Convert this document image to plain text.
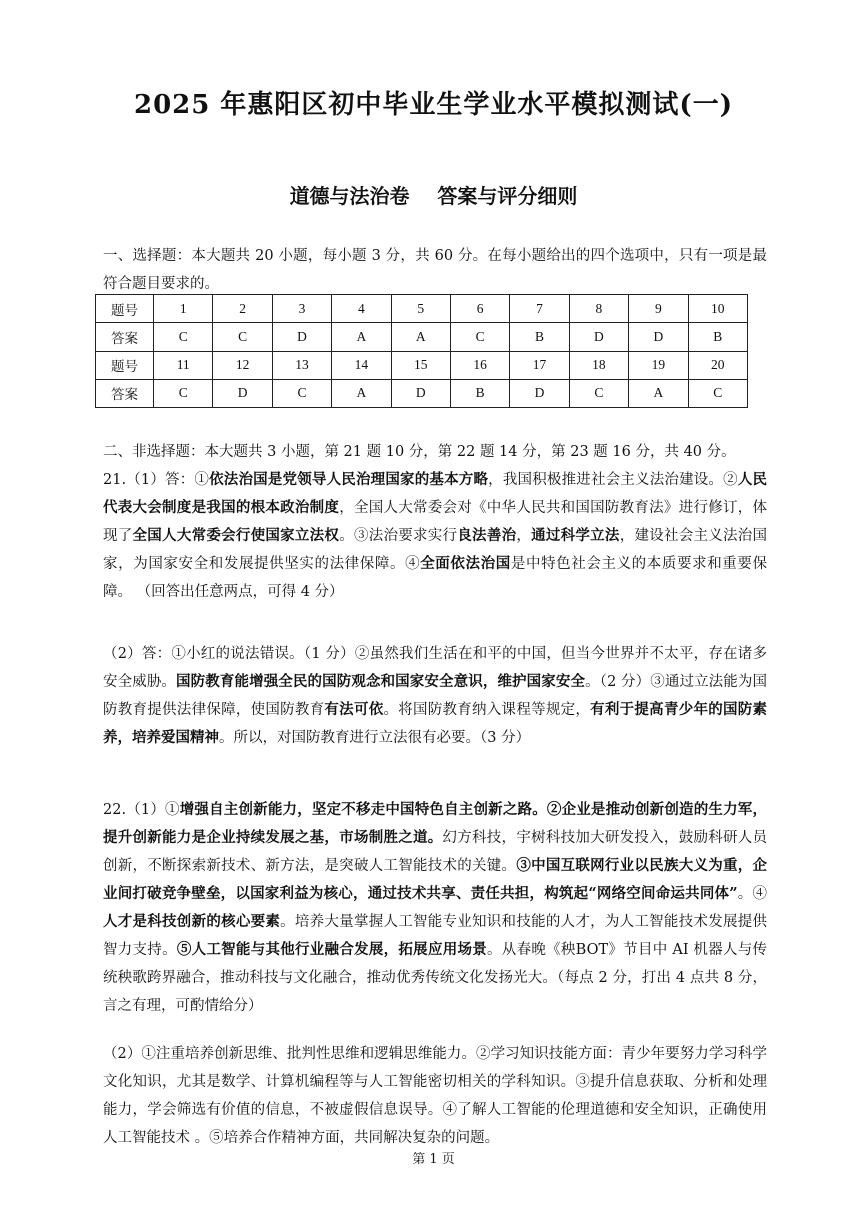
2025 年惠阳区初中毕业生学业水平模拟测试(一)
道德与法治卷    答案与评分细则

一、选择题：本大题共 20 小题，每小题 3 分，共 60 分。在每小题给出的四个选项中，只有一项是最符合题目要求的。

题号	1	2	3	4	5	6	7	8	9	10
答案	C	C	D	A	A	C	B	D	D	B
题号	11	12	13	14	15	16	17	18	19	20
答案	C	D	C	A	D	B	D	C	A	C

二、非选择题：本大题共 3 小题，第 21 题 10 分，第 22 题 14 分，第 23 题 16 分，共 40 分。

21.（1）答：①依法治国是党领导人民治理国家的基本方略，我国积极推进社会主义法治建设。②人民代表大会制度是我国的根本政治制度，全国人大常委会对《中华人民共和国国防教育法》进行修订，体现了全国人大常委会行使国家立法权。③法治要求实行良法善治，通过科学立法，建设社会主义法治国家，为国家安全和发展提供坚实的法律保障。④全面依法治国是中特色社会主义的本质要求和重要保障。 （回答出任意两点，可得 4 分）

（2）答：①小红的说法错误。（1 分）②虽然我们生活在和平的中国，但当今世界并不太平，存在诸多安全威胁。国防教育能增强全民的国防观念和国家安全意识，维护国家安全。（2 分）③通过立法能为国防教育提供法律保障，使国防教育有法可依。将国防教育纳入课程等规定，有利于提高青少年的国防素养，培养爱国精神。所以，对国防教育进行立法很有必要。（3 分）

22.（1）①增强自主创新能力，坚定不移走中国特色自主创新之路。②企业是推动创新创造的生力军，提升创新能力是企业持续发展之基，市场制胜之道。幻方科技，宇树科技加大研发投入，鼓励科研人员创新，不断探索新技术、新方法，是突破人工智能技术的关键。③中国互联网行业以民族大义为重，企业间打破竞争壁垒，以国家利益为核心，通过技术共享、责任共担，构筑起“网络空间命运共同体”。④人才是科技创新的核心要素。培养大量掌握人工智能专业知识和技能的人才，为人工智能技术发展提供智力支持。⑤人工智能与其他行业融合发展，拓展应用场景。从春晚《秧BOT》节目中 AI 机器人与传统秧歌跨界融合，推动科技与文化融合，推动优秀传统文化发扬光大。（每点 2 分，打出 4 点共 8 分，言之有理，可酌情给分）

（2）①注重培养创新思维、批判性思维和逻辑思维能力。②学习知识技能方面：青少年要努力学习科学文化知识，尤其是数学、计算机编程等与人工智能密切相关的学科知识。③提升信息获取、分析和处理能力，学会筛选有价值的信息，不被虚假信息误导。④了解人工智能的伦理道德和安全知识，正确使用人工智能技术 。⑤培养合作精神方面，共同解决复杂的问题。

第 1 页
